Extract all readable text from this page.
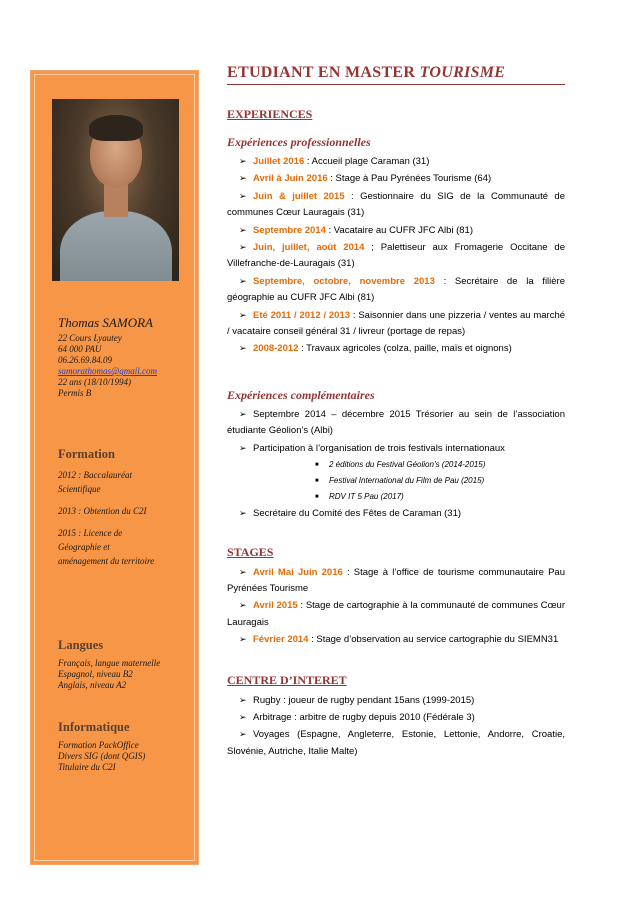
Thomas SAMORA
22 Cours Lyautey
64 000 PAU
06.26.69.84.09
samorathomas@gmail.com
22 ans (18/10/1994)
Permis B
Formation
2012 : Baccalauréat
Scientifique
2013 : Obtention du C2I
2015 : Licence de
Géographie et
aménagement du territoire
Langues
Français, langue maternelle
Espagnol, niveau B2
Anglais, niveau A2
Informatique
Formation PackOffice
Divers SIG (dont QGIS)
Titulaire du C2I
ETUDIANT EN MASTER TOURISME
EXPERIENCES
Expériences professionnelles
➢ Juillet 2016 : Accueil plage Caraman (31)
➢ Avril à Juin 2016 : Stage à Pau Pyrénées Tourisme (64)
➢ Juin & juillet 2015 : Gestionnaire du SIG de la Communauté de communes Cœur Lauragais (31)
➢ Septembre 2014 : Vacataire au CUFR JFC Albi (81)
➢ Juin, juillet, août 2014 ; Palettiseur aux Fromagerie Occitane de Villefranche-de-Lauragais (31)
➢ Septembre, octobre, novembre 2013 : Secrétaire de la filière géographie au CUFR JFC Albi (81)
➢ Eté 2011 / 2012 / 2013 : Saisonnier dans une pizzeria / ventes au marché / vacataire conseil général 31 / livreur (portage de repas)
➢ 2008-2012 : Travaux agricoles (colza, paille, maïs et oignons)
Expériences complémentaires
➢ Septembre 2014 – décembre 2015 Trésorier au sein de l’association étudiante Géolion’s (Albi)
➢ Participation à l’organisation de trois festivals internationaux
■ 2 éditions du Festival Géolion’s (2014-2015)
■ Festival International du Film de Pau (2015)
■ RDV IT 5 Pau (2017)
➢ Secrétaire du Comité des Fêtes de Caraman (31)
STAGES
➢ Avril Mai Juin 2016 : Stage à l’office de tourisme communautaire Pau Pyrénées Tourisme
➢ Avril 2015 : Stage de cartographie à la communauté de communes Cœur Lauragais
➢ Février 2014 : Stage d’observation au service cartographie du SIEMN31
CENTRE D’INTERET
➢ Rugby : joueur de rugby pendant 15ans (1999-2015)
➢ Arbitrage : arbitre de rugby depuis 2010 (Fédérale 3)
➢ Voyages (Espagne, Angleterre, Estonie, Lettonie, Andorre, Croatie, Slovénie, Autriche, Italie Malte)
